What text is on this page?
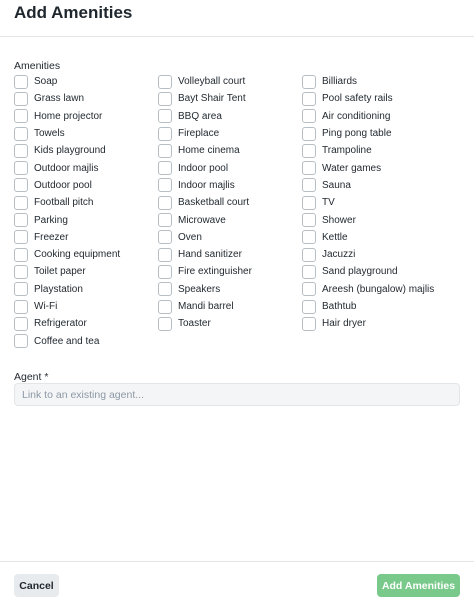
Add Amenities
Amenities
Soap
Grass lawn
Home projector
Towels
Kids playground
Outdoor majlis
Outdoor pool
Football pitch
Parking
Freezer
Cooking equipment
Toilet paper
Playstation
Wi-Fi
Refrigerator
Coffee and tea
Volleyball court
Bayt Shair Tent
BBQ area
Fireplace
Home cinema
Indoor pool
Indoor majlis
Basketball court
Microwave
Oven
Hand sanitizer
Fire extinguisher
Speakers
Mandi barrel
Toaster
Billiards
Pool safety rails
Air conditioning
Ping pong table
Trampoline
Water games
Sauna
TV
Shower
Kettle
Jacuzzi
Sand playground
Areesh (bungalow) majlis
Bathtub
Hair dryer
Agent *
Link to an existing agent...
Cancel	Add Amenities
